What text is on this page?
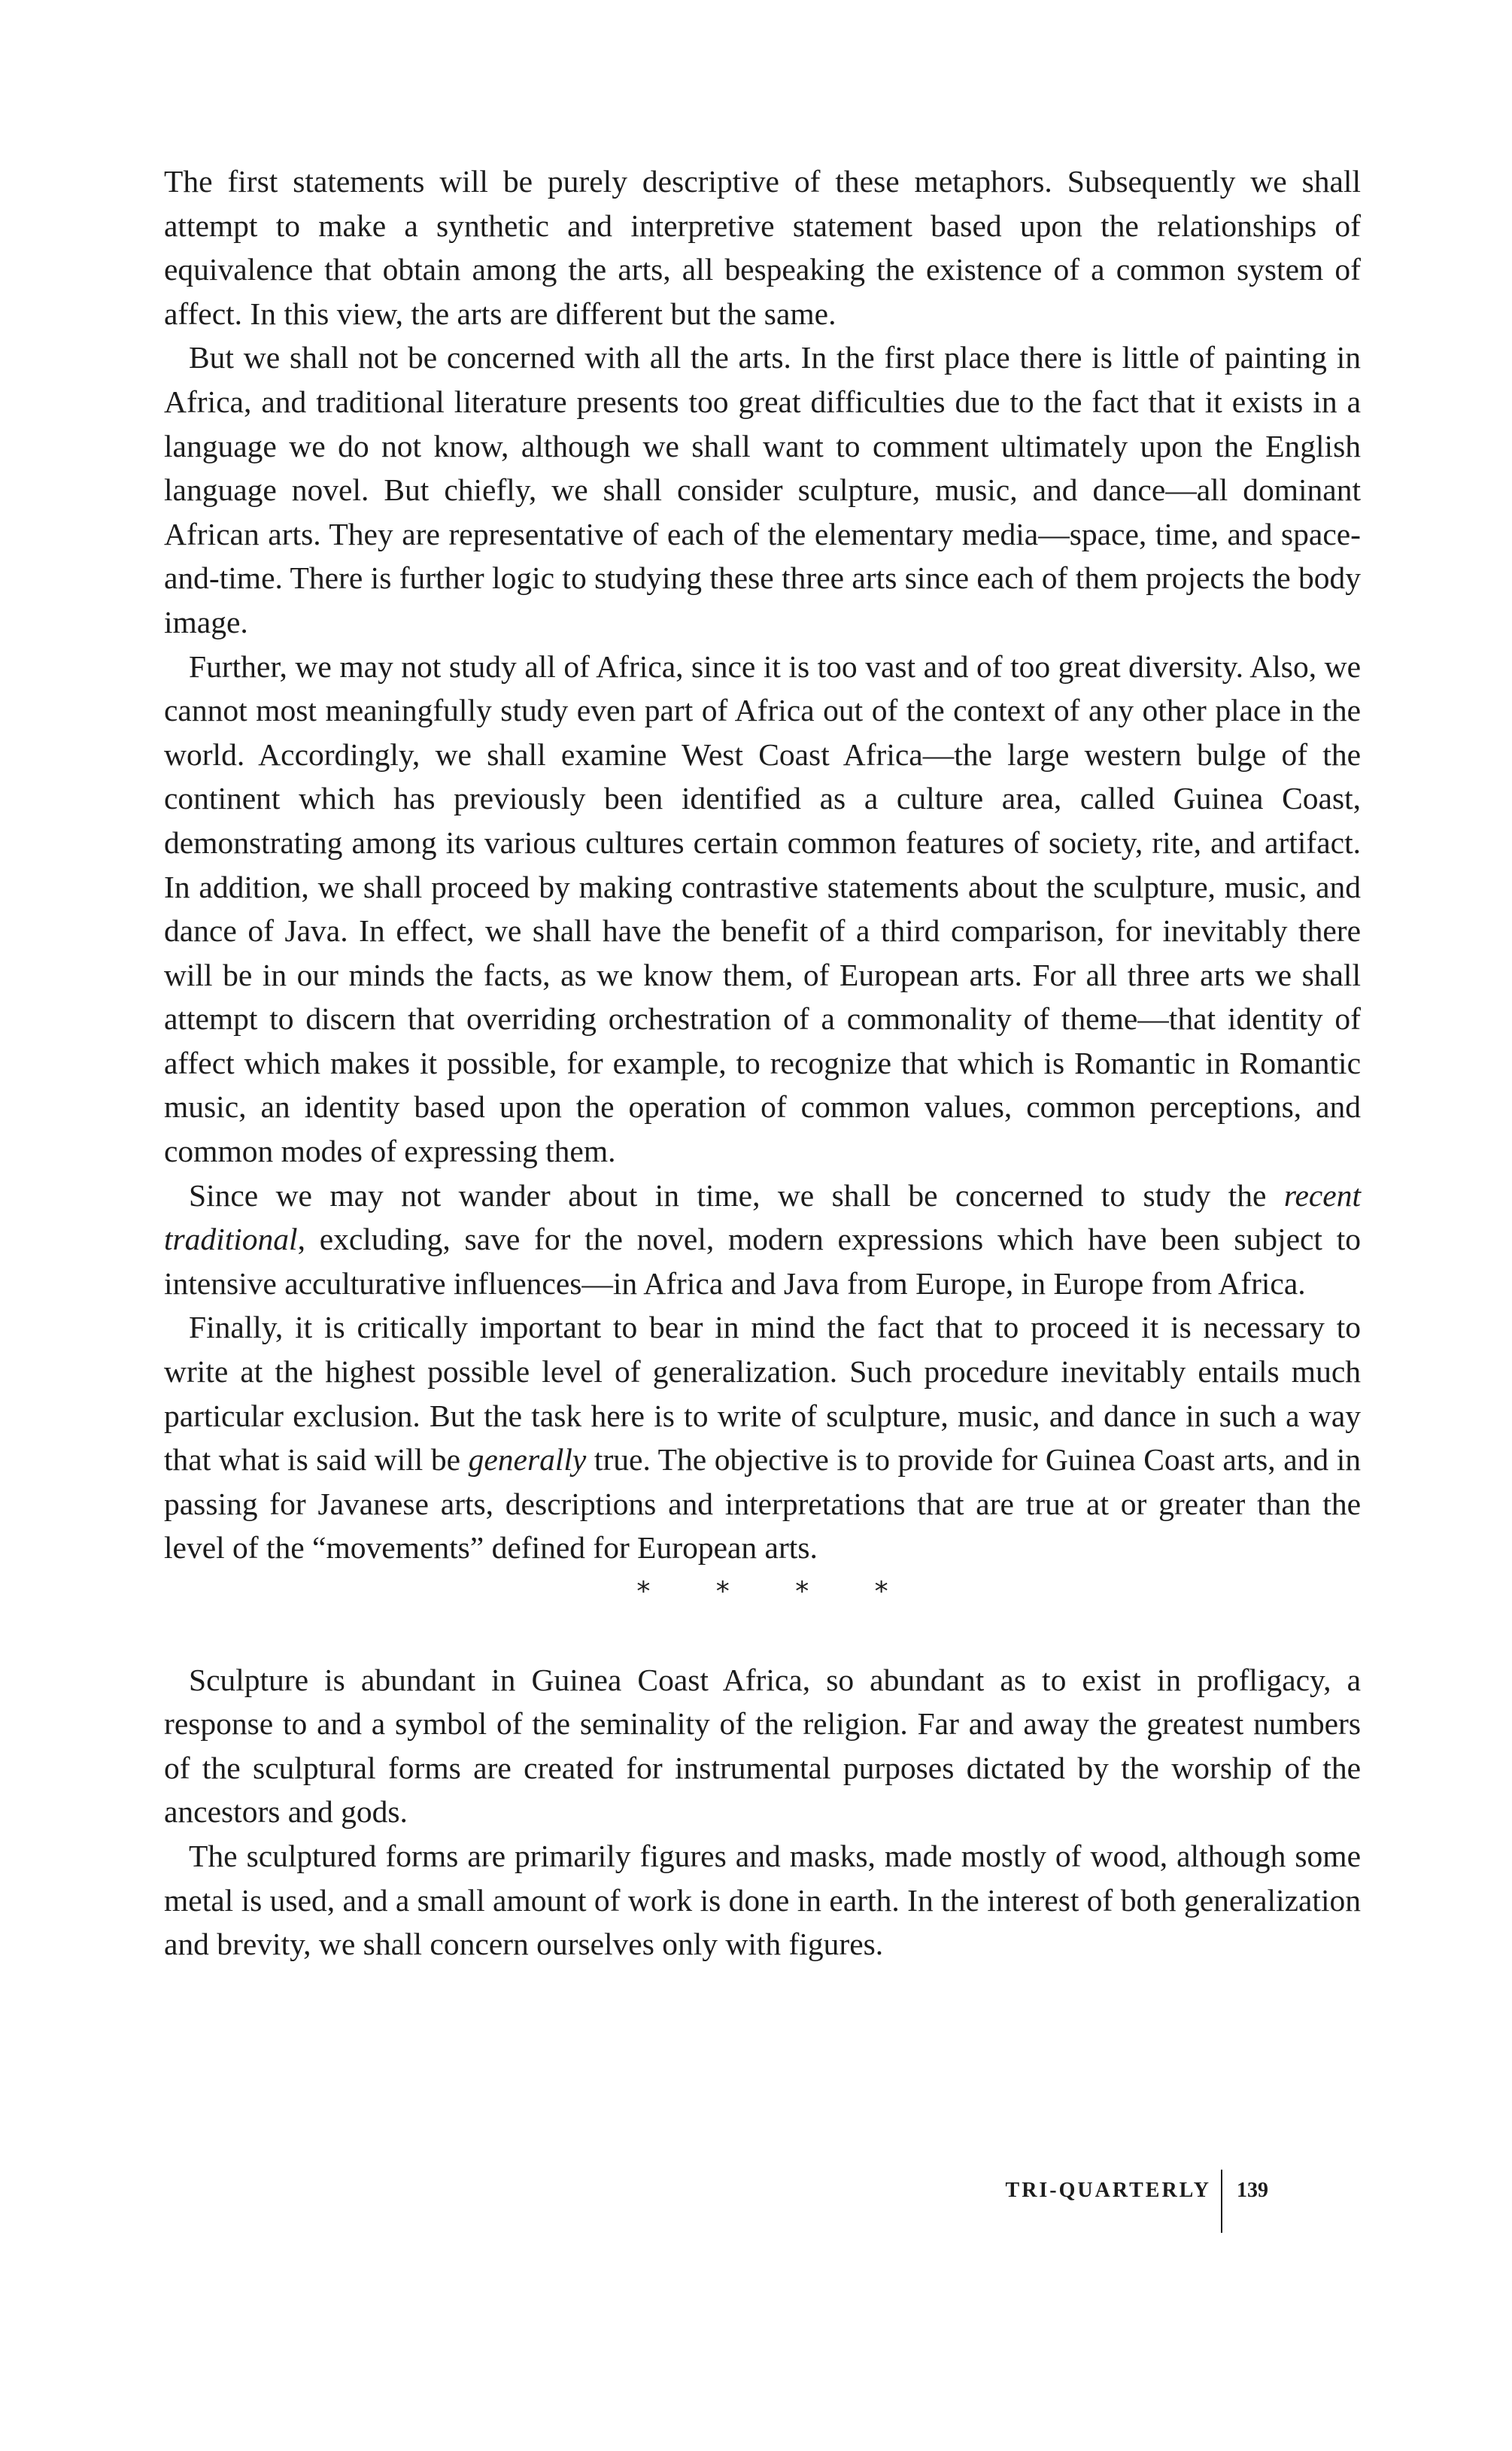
The first statements will be purely descriptive of these metaphors. Subsequently we shall attempt to make a synthetic and interpretive statement based upon the relationships of equivalence that obtain among the arts, all bespeaking the existence of a common system of affect. In this view, the arts are different but the same.

But we shall not be concerned with all the arts. In the first place there is little of painting in Africa, and traditional literature presents too great difficulties due to the fact that it exists in a language we do not know, although we shall want to comment ultimately upon the English language novel. But chiefly, we shall consider sculpture, music, and dance—all dominant African arts. They are representative of each of the elementary media—space, time, and space-and-time. There is further logic to studying these three arts since each of them projects the body image.

Further, we may not study all of Africa, since it is too vast and of too great diversity. Also, we cannot most meaningfully study even part of Africa out of the context of any other place in the world. Accordingly, we shall examine West Coast Africa—the large western bulge of the continent which has previously been identified as a culture area, called Guinea Coast, demonstrating among its various cultures certain common features of society, rite, and artifact. In addition, we shall proceed by making contrastive statements about the sculpture, music, and dance of Java. In effect, we shall have the benefit of a third comparison, for inevitably there will be in our minds the facts, as we know them, of European arts. For all three arts we shall attempt to discern that overriding orchestration of a commonality of theme—that identity of affect which makes it possible, for example, to recognize that which is Romantic in Romantic music, an identity based upon the operation of common values, common perceptions, and common modes of expressing them.

Since we may not wander about in time, we shall be concerned to study the recent traditional, excluding, save for the novel, modern expressions which have been subject to intensive acculturative influences—in Africa and Java from Europe, in Europe from Africa.

Finally, it is critically important to bear in mind the fact that to proceed it is necessary to write at the highest possible level of generalization. Such procedure inevitably entails much particular exclusion. But the task here is to write of sculpture, music, and dance in such a way that what is said will be generally true. The objective is to provide for Guinea Coast arts, and in passing for Javanese arts, descriptions and interpretations that are true at or greater than the level of the “movements” defined for European arts.

* * * *

Sculpture is abundant in Guinea Coast Africa, so abundant as to exist in profligacy, a response to and a symbol of the seminality of the religion. Far and away the greatest numbers of the sculptural forms are created for instrumental purposes dictated by the worship of the ancestors and gods.

The sculptured forms are primarily figures and masks, made mostly of wood, although some metal is used, and a small amount of work is done in earth. In the interest of both generalization and brevity, we shall concern ourselves only with figures.

TRI-QUARTERLY 139
